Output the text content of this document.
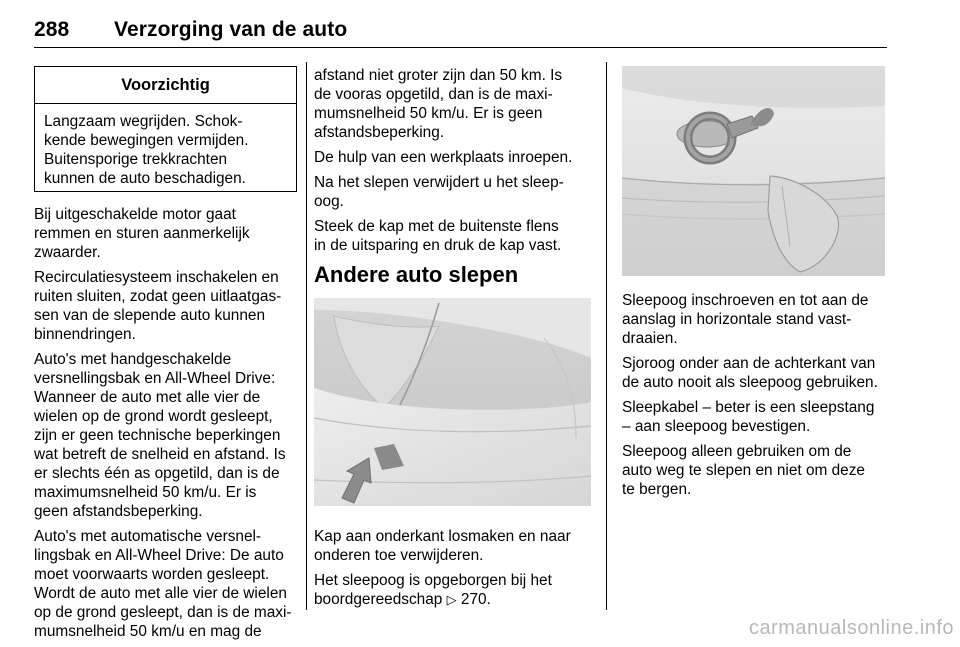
288 Verzorging van de auto
Voorzichtig
Langzaam wegrijden. Schok-
kende bewegingen vermijden.
Buitensporige trekkrachten
kunnen de auto beschadigen.

Bij uitgeschakelde motor gaat
remmen en sturen aanmerkelijk
zwaarder.

Recirculatiesysteem inschakelen en
ruiten sluiten, zodat geen uitlaatgas-
sen van de slepende auto kunnen
binnendringen.

Auto's met handgeschakelde
versnellingsbak en All-Wheel Drive:
Wanneer de auto met alle vier de
wielen op de grond wordt gesleept,
zijn er geen technische beperkingen
wat betreft de snelheid en afstand. Is
er slechts één as opgetild, dan is de
maximumsnelheid 50 km/u. Er is
geen afstandsbeperking.

Auto's met automatische versnel-
lingsbak en All-Wheel Drive: De auto
moet voorwaarts worden gesleept.
Wordt de auto met alle vier de wielen
op de grond gesleept, dan is de maxi-
mumsnelheid 50 km/u en mag de

afstand niet groter zijn dan 50 km. Is
de vooras opgetild, dan is de maxi-
mumsnelheid 50 km/u. Er is geen
afstandsbeperking.

De hulp van een werkplaats inroepen.

Na het slepen verwijdert u het sleep-
oog.

Steek de kap met de buitenste flens
in de uitsparing en druk de kap vast.

Andere auto slepen

Kap aan onderkant losmaken en naar
onderen toe verwijderen.

Het sleepoog is opgeborgen bij het
boordgereedschap ▷ 270.

Sleepoog inschroeven en tot aan de
aanslag in horizontale stand vast-
draaien.

Sjoroog onder aan de achterkant van
de auto nooit als sleepoog gebruiken.

Sleepkabel – beter is een sleepstang
– aan sleepoog bevestigen.

Sleepoog alleen gebruiken om de
auto weg te slepen en niet om deze
te bergen.

carmanualsonline.info
